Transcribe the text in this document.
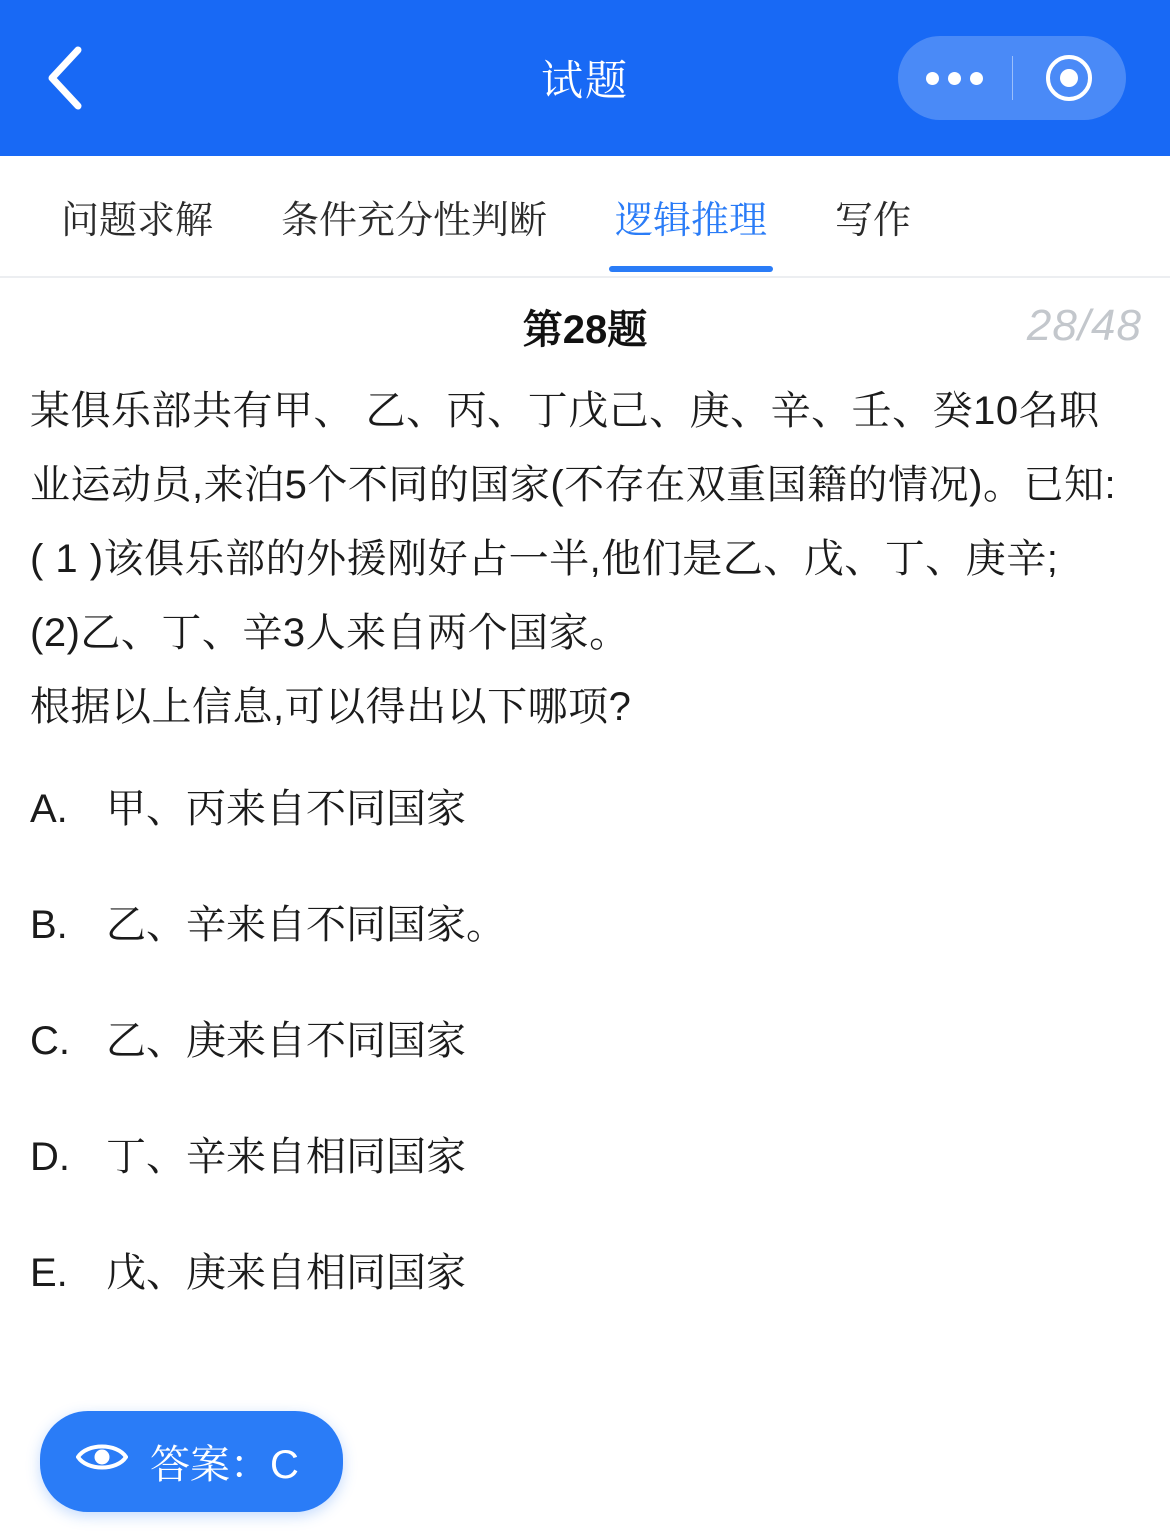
试题
问题求解 条件充分性判断 逻辑推理 写作
第28题	28/48

某俱乐部共有甲、 乙、丙、丁戊己、庚、辛、壬、癸10名职业运动员,来泊5个不同的国家(不存在双重国籍的情况)。已知:

( 1 )该俱乐部的外援刚好占一半,他们是乙、戊、丁、庚辛;

(2)乙、丁、辛3人来自两个国家。

根据以上信息,可以得出以下哪项?

A. 甲、丙来自不同国家
B. 乙、辛来自不同国家。
C. 乙、庚来自不同国家
D. 丁、辛来自相同国家
E. 戊、庚来自相同国家
答案：C
